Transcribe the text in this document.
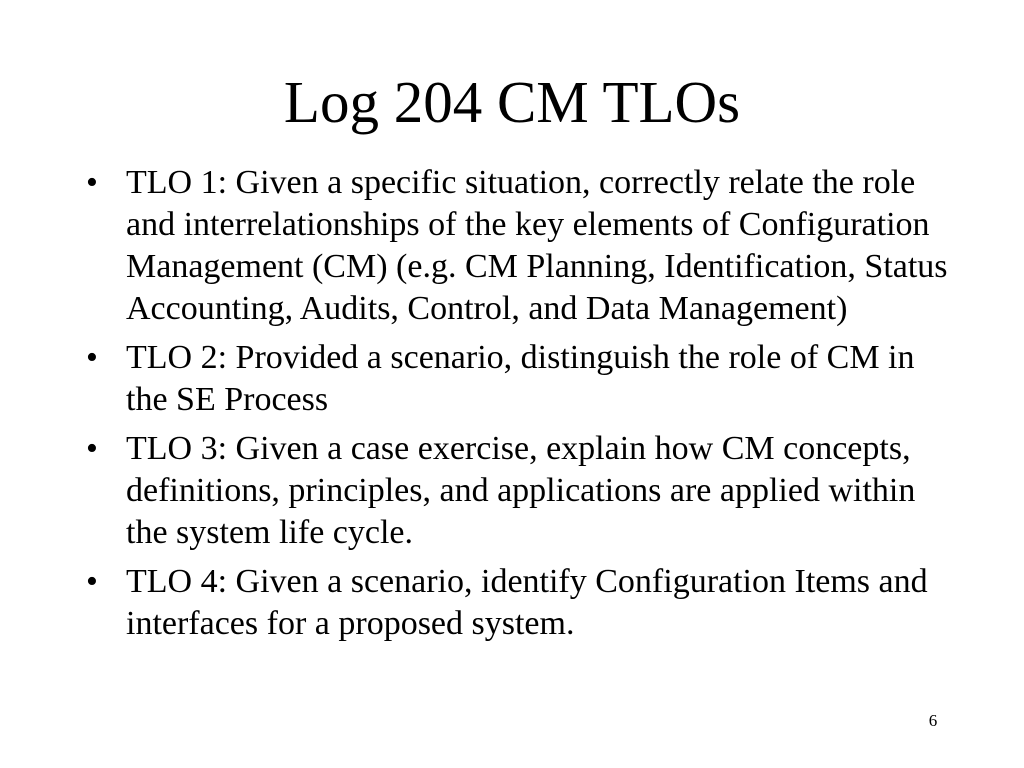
Log 204 CM TLOs
• TLO 1: Given a specific situation, correctly relate the role and interrelationships of the key elements of Configuration Management (CM) (e.g. CM Planning, Identification, Status Accounting, Audits, Control, and Data Management)
• TLO 2: Provided a scenario, distinguish the role of CM in the SE Process
• TLO 3: Given a case exercise, explain how CM concepts, definitions, principles, and applications are applied within the system life cycle.
• TLO 4: Given a scenario, identify Configuration Items and interfaces for a proposed system.
6
